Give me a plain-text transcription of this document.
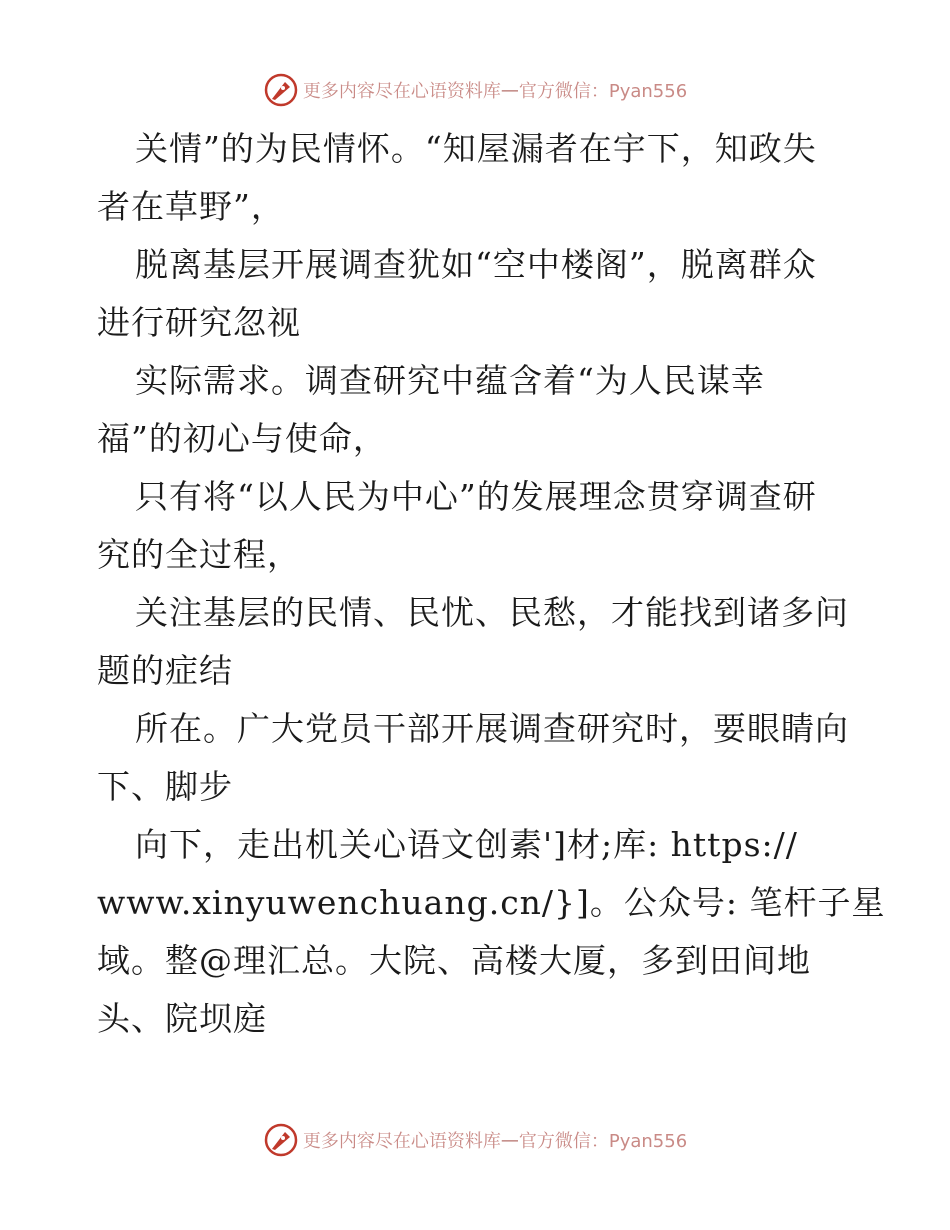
更多内容尽在心语资料库 — 官方微信：Pyan556
关情”的为民情怀。“知屋漏者在宇下，知政失
者在草野”，
脱离基层开展调查犹如“空中楼阁”，脱离群众
进行研究忽视
实际需求。调查研究中蕴含着“为人民谋幸
福”的初心与使命，
只有将“以人民为中心”的发展理念贯穿调查研
究的全过程，
关注基层的民情、民忧、民愁，才能找到诸多问
题的症结
所在。广大党员干部开展调查研究时，要眼睛向
下、脚步
向下，走出机关心语文创素']材;库: https://
www.xinyuwenchuang.cn/}]。公众号: 笔杆子星
域。整@理汇总。大院、高楼大厦，多到田间地
头、院坝庭
更多内容尽在心语资料库 — 官方微信：Pyan556
